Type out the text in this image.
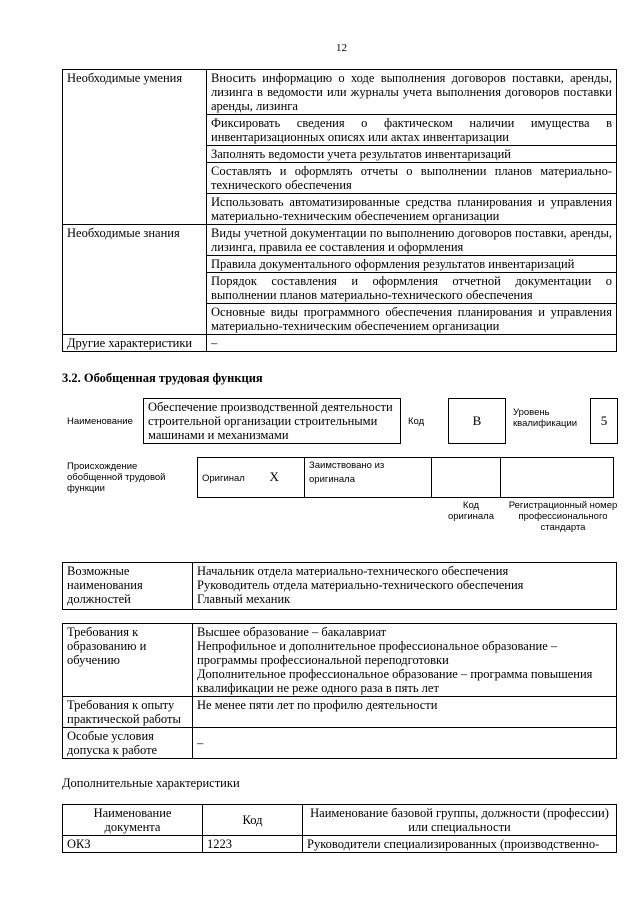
12
Необходимые умения	Вносить информацию о ходе выполнения договоров поставки, аренды, лизинга в ведомости или журналы учета выполнения договоров поставки аренды, лизинга
	Фиксировать сведения о фактическом наличии имущества в инвентаризационных описях или актах инвентаризации
	Заполнять ведомости учета результатов инвентаризаций
	Составлять и оформлять отчеты о выполнении планов материально-технического обеспечения
	Использовать автоматизированные средства планирования и управления материально-техническим обеспечением организации
Необходимые знания	Виды учетной документации по выполнению договоров поставки, аренды, лизинга, правила ее составления и оформления
	Правила документального оформления результатов инвентаризаций
	Порядок составления и оформления отчетной документации о выполнении планов материально-технического обеспечения
	Основные виды программного обеспечения планирования и управления материально-техническим обеспечением организации
Другие характеристики	–
3.2. Обобщенная трудовая функция
Наименование
Обеспечение производственной деятельности строительной организации строительными машинами и механизмами
Код	В
Уровень квалификации	5
Происхождение обобщенной трудовой функции
Оригинал X	Заимствовано из оригинала		
Код оригинала
Регистрационный номер профессионального стандарта
Возможные наименования должностей	
Начальник отдела материально-технического обеспечения
Руководитель отдела материально-технического обеспечения
Главный механик
Требования к образованию и обучению	Высшее образование – бакалавриат
Непрофильное и дополнительное профессиональное образование – программы профессиональной переподготовки
Дополнительное профессиональное образование – программа повышения квалификации не реже одного раза в пять лет

Требования к опыту практической работы	Не менее пяти лет по профилю деятельности
Особые условия допуска к работе	–
Дополнительные характеристики
Наименование документа	Код	Наименование базовой группы, должности (профессии) или специальности
ОКЗ	1223	Руководители специализированных (производственно-
